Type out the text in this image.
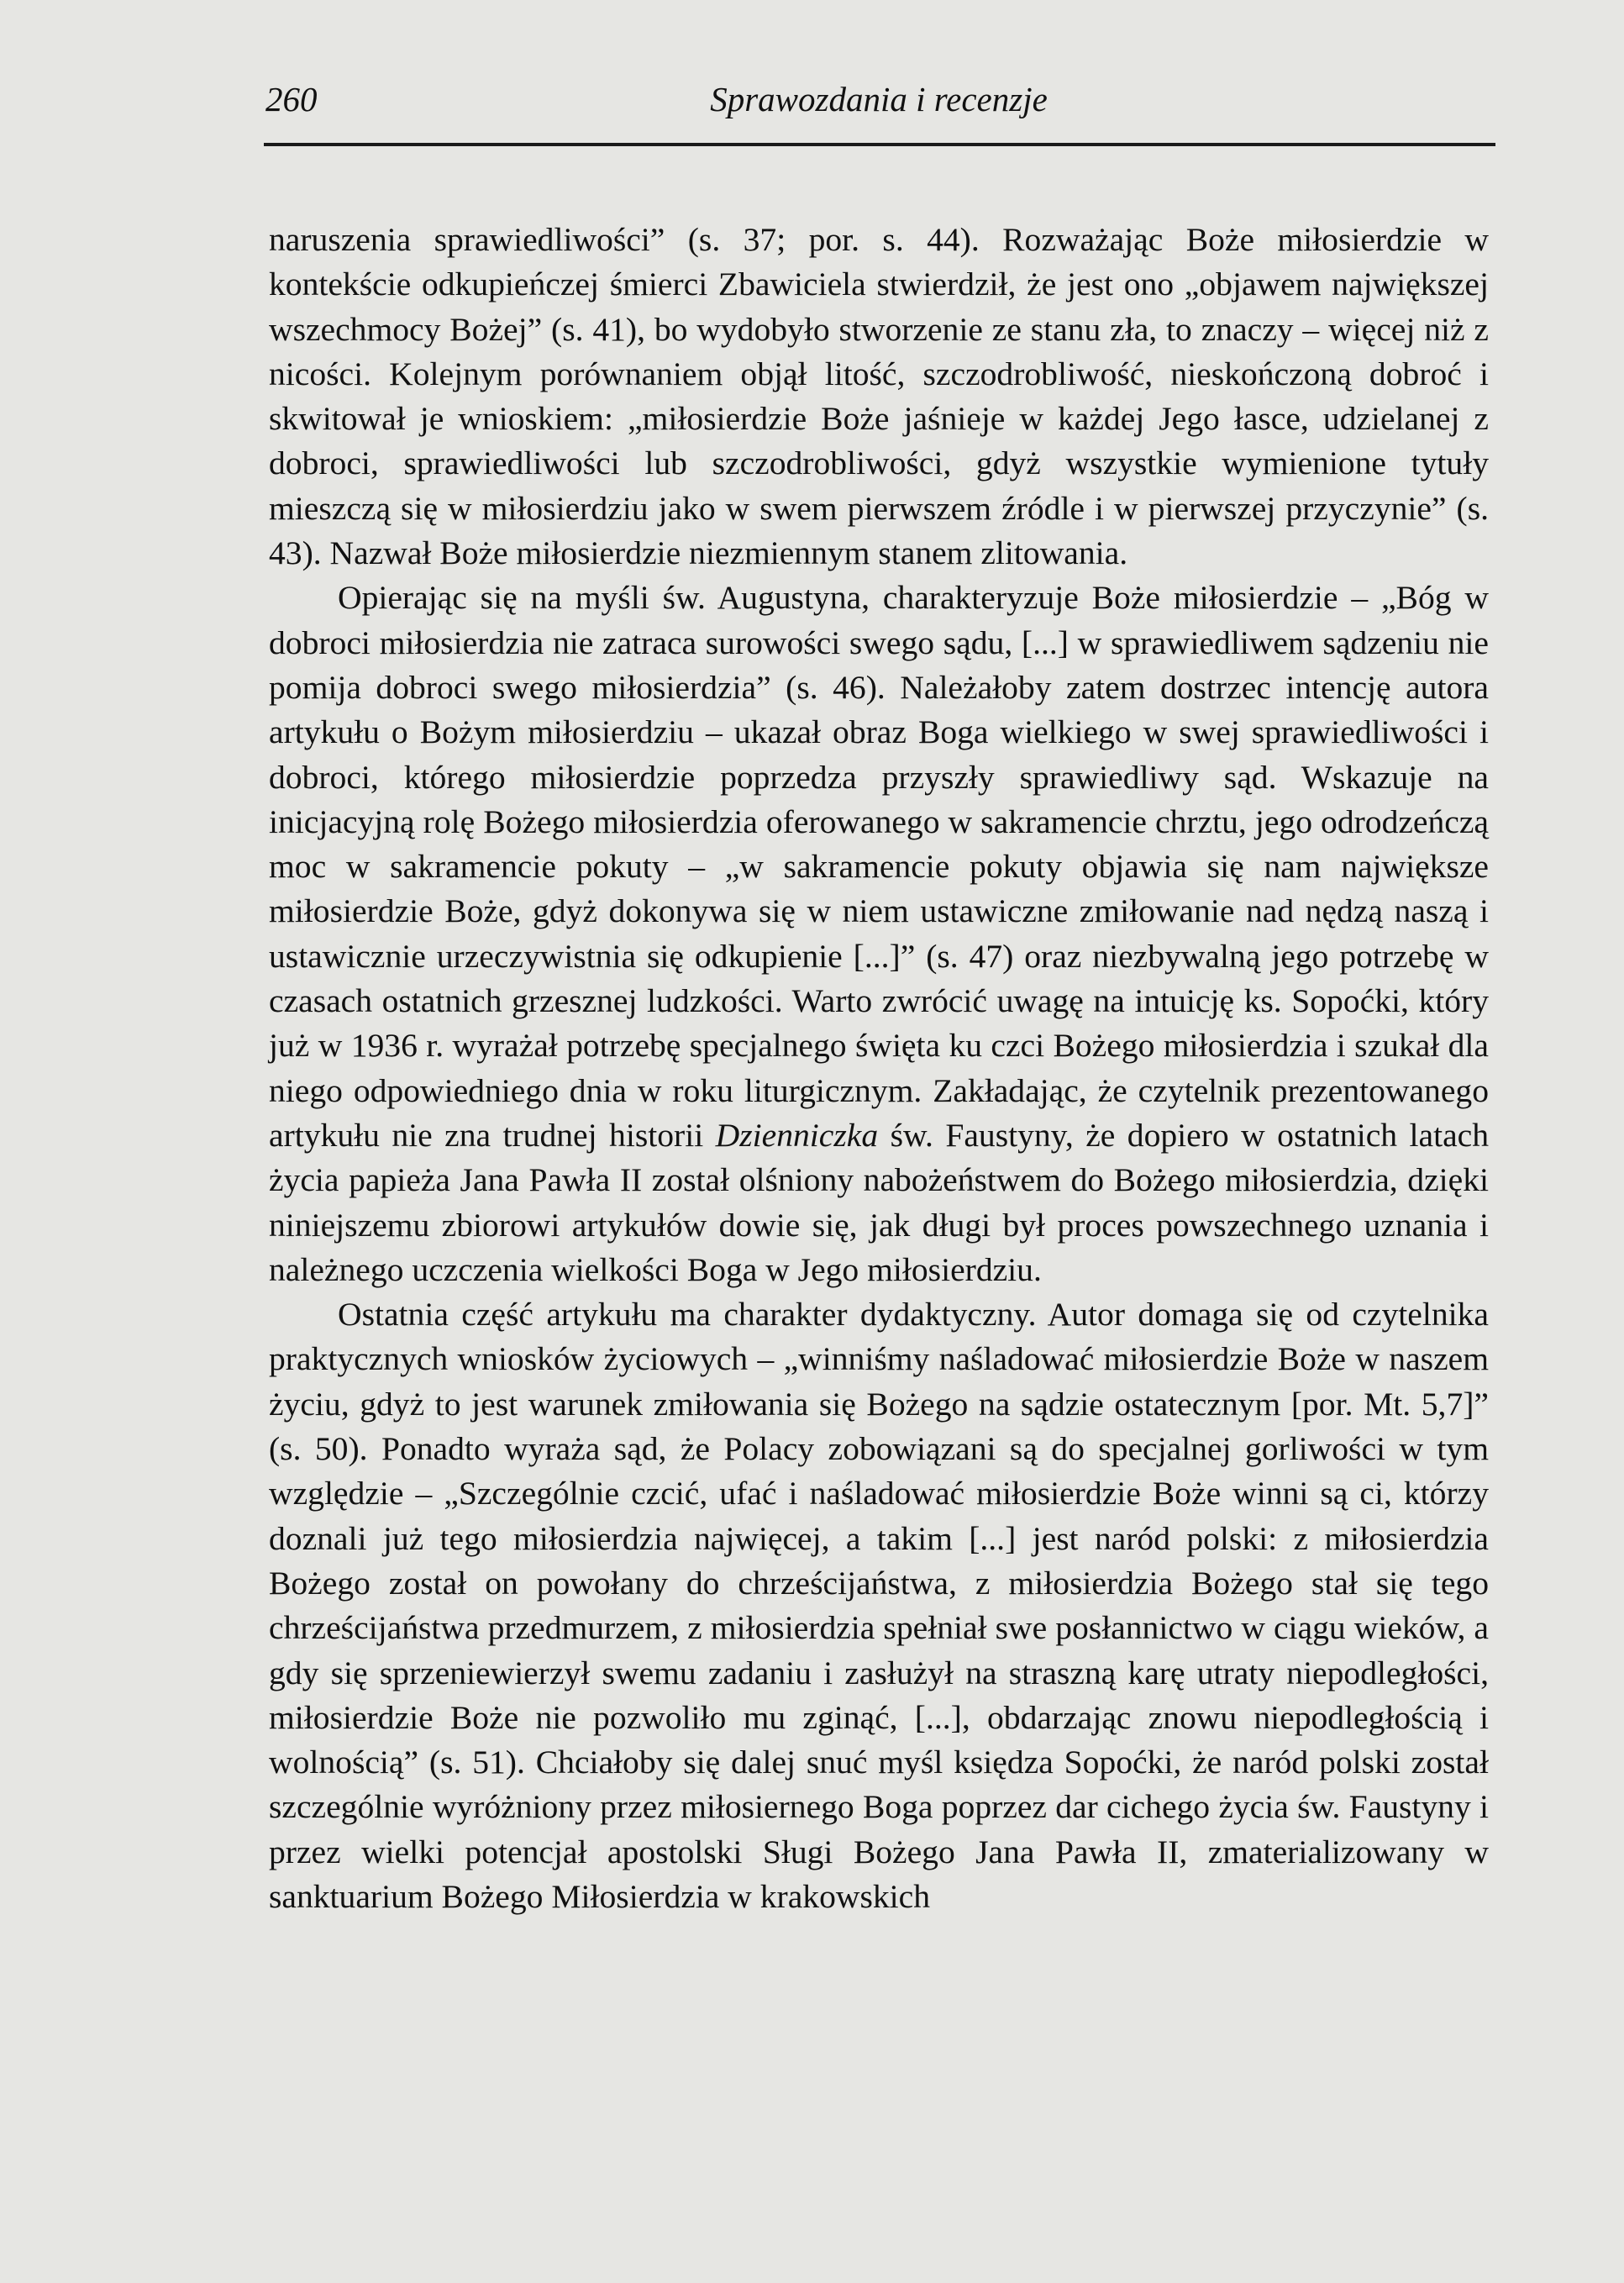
260	Sprawozdania i recenzje

naruszenia sprawiedliwości” (s. 37; por. s. 44). Rozważając Boże miłosierdzie w kontekście odkupieńczej śmierci Zbawiciela stwierdził, że jest ono „objawem największej wszechmocy Bożej” (s. 41), bo wydobyło stworzenie ze stanu zła, to znaczy – więcej niż z nicości. Kolejnym porównaniem objął litość, szczodrobliwość, nieskończoną dobroć i skwitował je wnioskiem: „miłosierdzie Boże jaśnieje w każdej Jego łasce, udzielanej z dobroci, sprawiedliwości lub szczodrobliwości, gdyż wszystkie wymienione tytuły mieszczą się w miłosierdziu jako w swem pierwszem źródle i w pierwszej przyczynie” (s. 43). Nazwał Boże miłosierdzie niezmiennym stanem zlitowania.

Opierając się na myśli św. Augustyna, charakteryzuje Boże miłosierdzie – „Bóg w dobroci miłosierdzia nie zatraca surowości swego sądu, [...] w sprawiedliwem sądzeniu nie pomija dobroci swego miłosierdzia” (s. 46). Należałoby zatem dostrzec intencję autora artykułu o Bożym miłosierdziu – ukazał obraz Boga wielkiego w swej sprawiedliwości i dobroci, którego miłosierdzie poprzedza przyszły sprawiedliwy sąd. Wskazuje na inicjacyjną rolę Bożego miłosierdzia oferowanego w sakramencie chrztu, jego odrodzeńczą moc w sakramencie pokuty – „w sakramencie pokuty objawia się nam największe miłosierdzie Boże, gdyż dokonywa się w niem ustawiczne zmiłowanie nad nędzą naszą i ustawicznie urzeczywistnia się odkupienie [...]” (s. 47) oraz niezbywalną jego potrzebę w czasach ostatnich grzesznej ludzkości. Warto zwrócić uwagę na intuicję ks. Sopoćki, który już w 1936 r. wyrażał potrzebę specjalnego święta ku czci Bożego miłosierdzia i szukał dla niego odpowiedniego dnia w roku liturgicznym. Zakładając, że czytelnik prezentowanego artykułu nie zna trudnej historii Dzienniczka św. Faustyny, że dopiero w ostatnich latach życia papieża Jana Pawła II został olśniony nabożeństwem do Bożego miłosierdzia, dzięki niniejszemu zbiorowi artykułów dowie się, jak długi był proces powszechnego uznania i należnego uczczenia wielkości Boga w Jego miłosierdziu.

Ostatnia część artykułu ma charakter dydaktyczny. Autor domaga się od czytelnika praktycznych wniosków życiowych – „winniśmy naśladować miłosierdzie Boże w naszem życiu, gdyż to jest warunek zmiłowania się Bożego na sądzie ostatecznym [por. Mt. 5,7]” (s. 50). Ponadto wyraża sąd, że Polacy zobowiązani są do specjalnej gorliwości w tym względzie – „Szczególnie czcić, ufać i naśladować miłosierdzie Boże winni są ci, którzy doznali już tego miłosierdzia najwięcej, a takim [...] jest naród polski: z miłosierdzia Bożego został on powołany do chrześcijaństwa, z miłosierdzia Bożego stał się tego chrześcijaństwa przedmurzem, z miłosierdzia spełniał swe posłannictwo w ciągu wieków, a gdy się sprzeniewierzył swemu zadaniu i zasłużył na straszną karę utraty niepodległości, miłosierdzie Boże nie pozwoliło mu zginąć, [...], obdarzając znowu niepodległością i wolnością” (s. 51). Chciałoby się dalej snuć myśl księdza Sopoćki, że naród polski został szczególnie wyróżniony przez miłosiernego Boga poprzez dar cichego życia św. Faustyny i przez wielki potencjał apostolski Sługi Bożego Jana Pawła II, zmaterializowany w sanktuarium Bożego Miłosierdzia w krakowskich
